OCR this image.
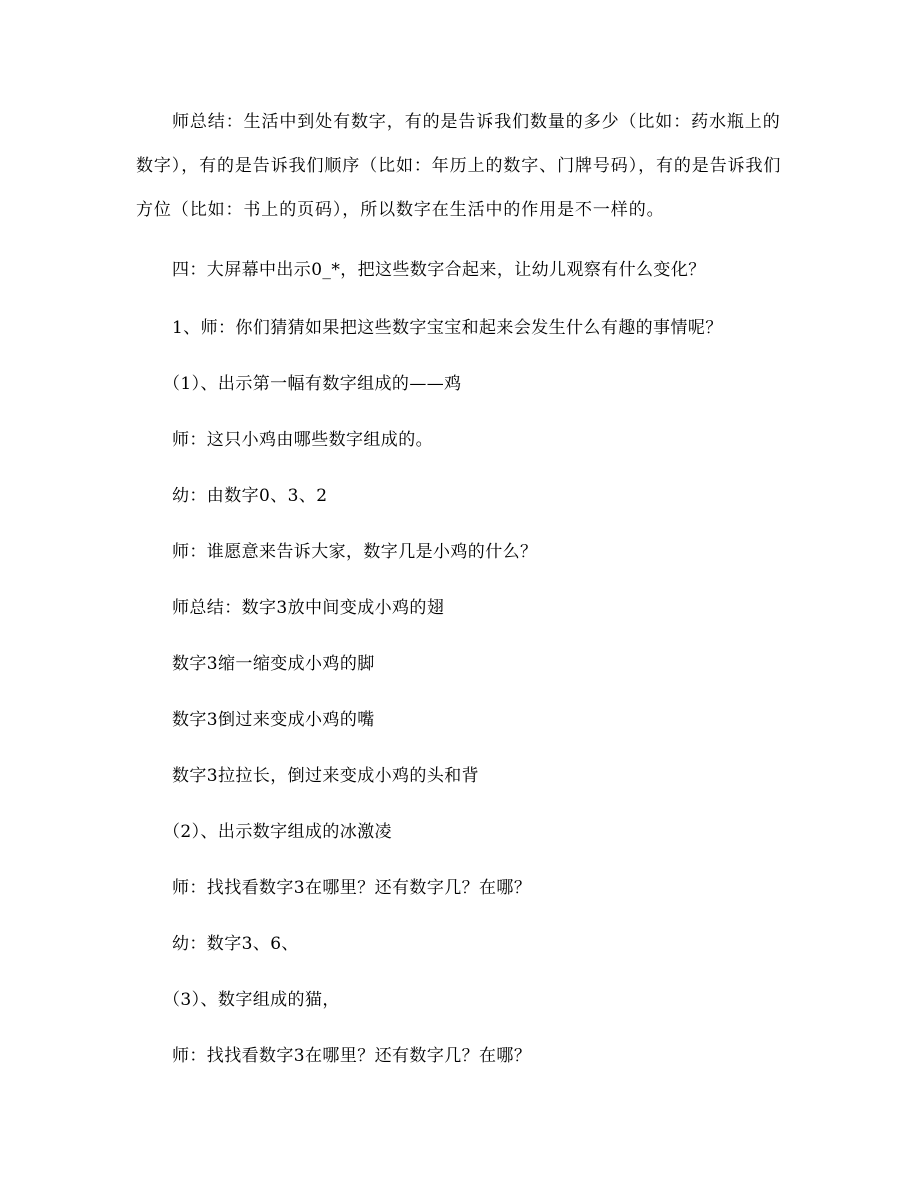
师总结：生活中到处有数字，有的是告诉我们数量的多少（比如：药水瓶上的数字），有的是告诉我们顺序（比如：年历上的数字、门牌号码），有的是告诉我们方位（比如：书上的页码），所以数字在生活中的作用是不一样的。
四：大屏幕中出示0_*，把这些数字合起来，让幼儿观察有什么变化？
1、师：你们猜猜如果把这些数字宝宝和起来会发生什么有趣的事情呢？
（1）、出示第一幅有数字组成的——鸡
师：这只小鸡由哪些数字组成的。
幼：由数字0、3、2
师：谁愿意来告诉大家，数字几是小鸡的什么？
师总结：数字3放中间变成小鸡的翅
数字3缩一缩变成小鸡的脚
数字3倒过来变成小鸡的嘴
数字3拉拉长，倒过来变成小鸡的头和背
（2）、出示数字组成的冰激凌
师：找找看数字3在哪里？还有数字几？在哪？
幼：数字3、6、
（3）、数字组成的猫，
师：找找看数字3在哪里？还有数字几？在哪？
